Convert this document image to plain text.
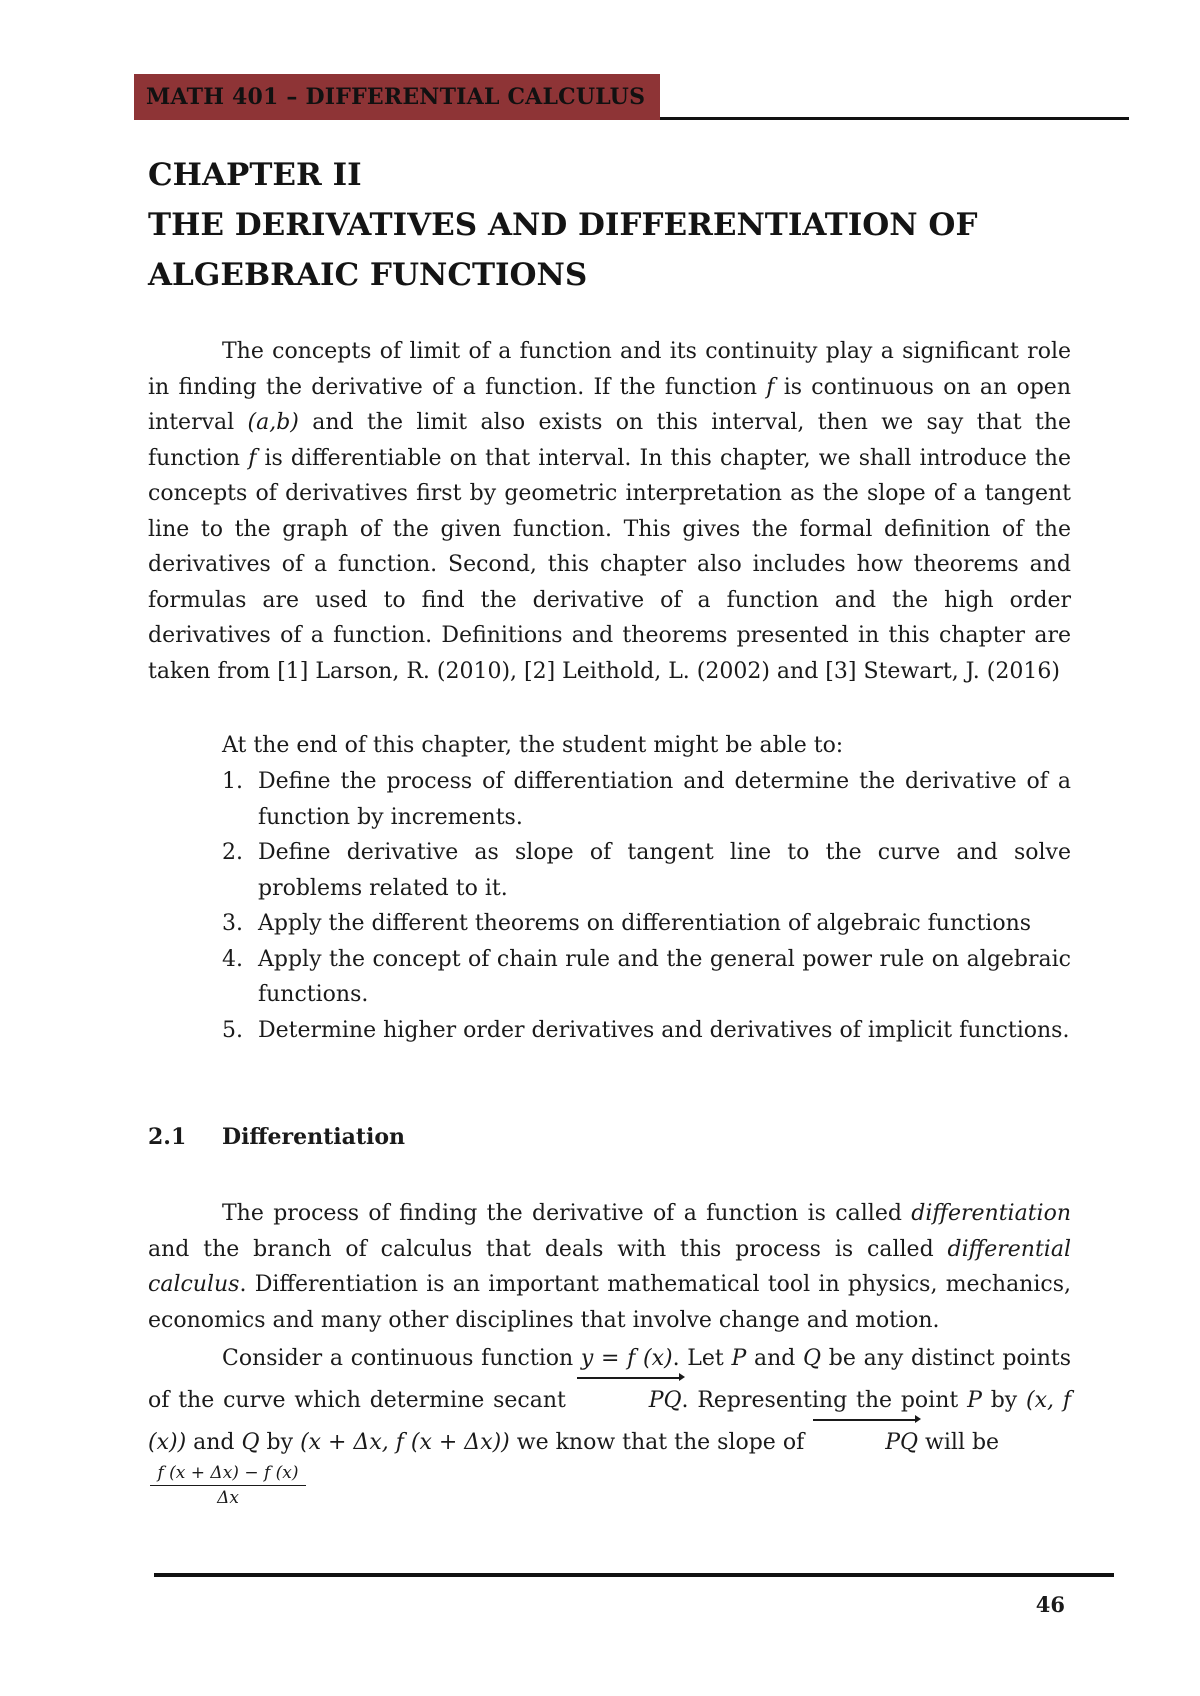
MATH 401 – DIFFERENTIAL CALCULUS
CHAPTER II
THE DERIVATIVES AND DIFFERENTIATION OF
ALGEBRAIC FUNCTIONS

The concepts of limit of a function and its continuity play a significant role in finding the derivative of a function. If the function f is continuous on an open interval (a,b) and the limit also exists on this interval, then we say that the function f is differentiable on that interval. In this chapter, we shall introduce the concepts of derivatives first by geometric interpretation as the slope of a tangent line to the graph of the given function. This gives the formal definition of the derivatives of a function. Second, this chapter also includes how theorems and formulas are used to find the derivative of a function and the high order derivatives of a function. Definitions and theorems presented in this chapter are taken from [1] Larson, R. (2010), [2] Leithold, L. (2002) and [3] Stewart, J. (2016)

At the end of this chapter, the student might be able to:

1. Define the process of differentiation and determine the derivative of a function by increments.
2. Define derivative as slope of tangent line to the curve and solve problems related to it.
3. Apply the different theorems on differentiation of algebraic functions
4. Apply the concept of chain rule and the general power rule on algebraic functions.
5. Determine higher order derivatives and derivatives of implicit functions.
2.1 Differentiation

The process of finding the derivative of a function is called differentiation and the branch of calculus that deals with this process is called differential calculus. Differentiation is an important mathematical tool in physics, mechanics, economics and many other disciplines that involve change and motion.

Consider a continuous function y = f (x). Let P and Q be any distinct points of the curve which determine secant	PQ. Representing the point P by (x, f (x)) and Q by (x + Δx, f (x + Δx)) we know that the slope of	PQ will be

$\frac{f (x + \Delta x) - f (x)}{\Delta x}$

46
